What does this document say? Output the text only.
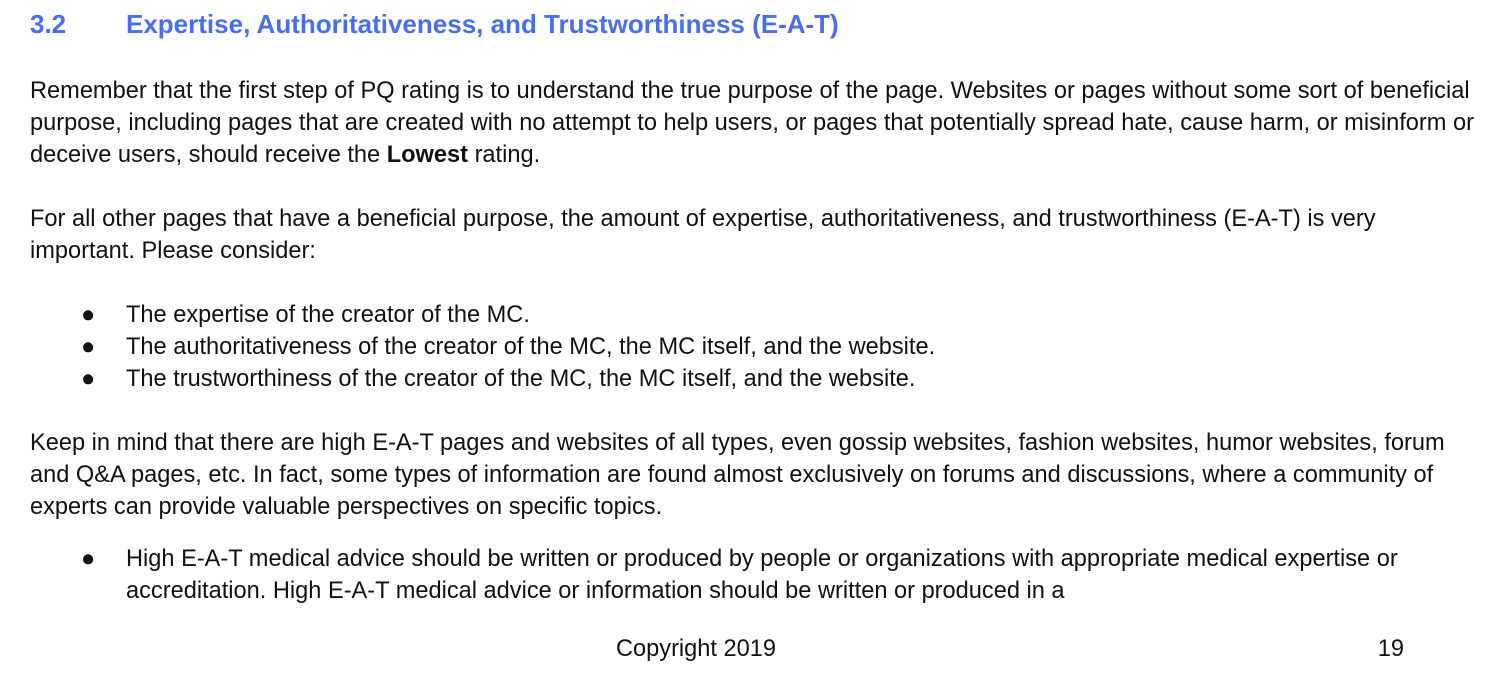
3.2 Expertise, Authoritativeness, and Trustworthiness (E-A-T)

Remember that the first step of PQ rating is to understand the true purpose of the page. Websites or pages without some sort of beneficial purpose, including pages that are created with no attempt to help users, or pages that potentially spread hate, cause harm, or misinform or deceive users, should receive the Lowest rating.

For all other pages that have a beneficial purpose, the amount of expertise, authoritativeness, and trustworthiness (E-A-T) is very important. Please consider:

● The expertise of the creator of the MC.
● The authoritativeness of the creator of the MC, the MC itself, and the website.
● The trustworthiness of the creator of the MC, the MC itself, and the website.

Keep in mind that there are high E-A-T pages and websites of all types, even gossip websites, fashion websites, humor websites, forum and Q&A pages, etc. In fact, some types of information are found almost exclusively on forums and discussions, where a community of experts can provide valuable perspectives on specific topics.

● High E-A-T medical advice should be written or produced by people or organizations with appropriate medical expertise or accreditation. High E-A-T medical advice or information should be written or produced in a
Copyright 2019	19
